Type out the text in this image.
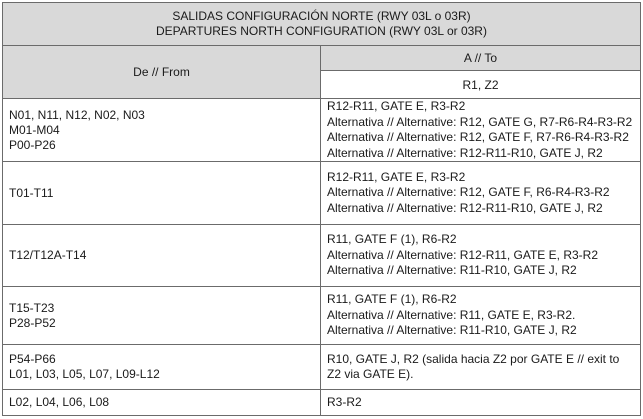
SALIDAS CONFIGURACIÓN NORTE (RWY 03L o 03R)
DEPARTURES NORTH CONFIGURATION (RWY 03L or 03R)	

De // From	A // To
	R1, Z2

N01, N11, N12, N02, N03
M01-M04
P00-P26	R12-R11, GATE E, R3-R2
Alternativa // Alternative: R12, GATE G, R7-R6-R4-R3-R2
Alternativa // Alternative: R12, GATE F, R7-R6-R4-R3-R2
Alternativa // Alternative: R12-R11-R10, GATE J, R2

T01-T11	R12-R11, GATE E, R3-R2
Alternativa // Alternative: R12, GATE F, R6-R4-R3-R2
Alternativa // Alternative: R12-R11-R10, GATE J, R2

T12/T12A-T14	R11, GATE F (1), R6-R2
Alternativa // Alternative: R12-R11, GATE E, R3-R2
Alternativa // Alternative: R11-R10, GATE J, R2

T15-T23
P28-P52	R11, GATE F (1), R6-R2
Alternativa // Alternative: R11, GATE E, R3-R2.
Alternativa // Alternative: R11-R10, GATE J, R2

P54-P66
L01, L03, L05, L07, L09-L12	R10, GATE J, R2 (salida hacia Z2 por GATE E // exit to Z2 via GATE E).

L02, L04, L06, L08	R3-R2
